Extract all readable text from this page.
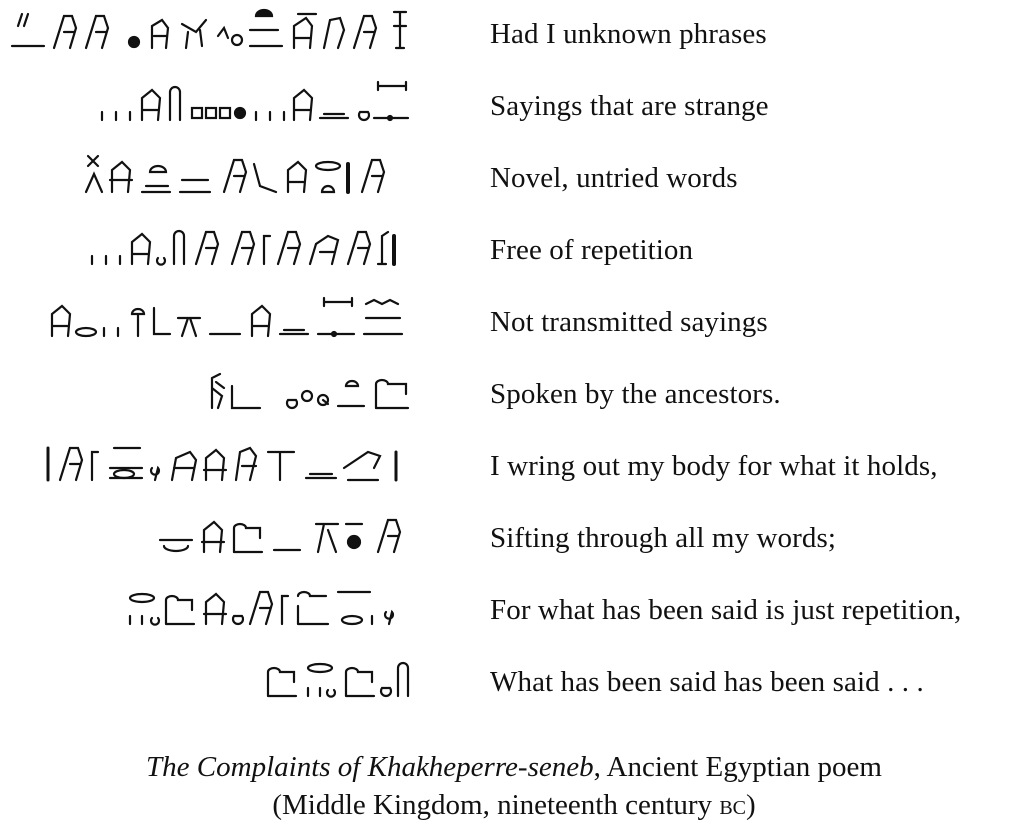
Had I unknown phrases
Sayings that are strange
Novel, untried words
Free of repetition
Not transmitted sayings
Spoken by the ancestors.
I wring out my body for what it holds,
Sifting through all my words;
For what has been said is just repetition,
What has been said has been said . . .
The Complaints of Khakheperre-seneb, Ancient Egyptian poem
(Middle Kingdom, nineteenth century bc)
